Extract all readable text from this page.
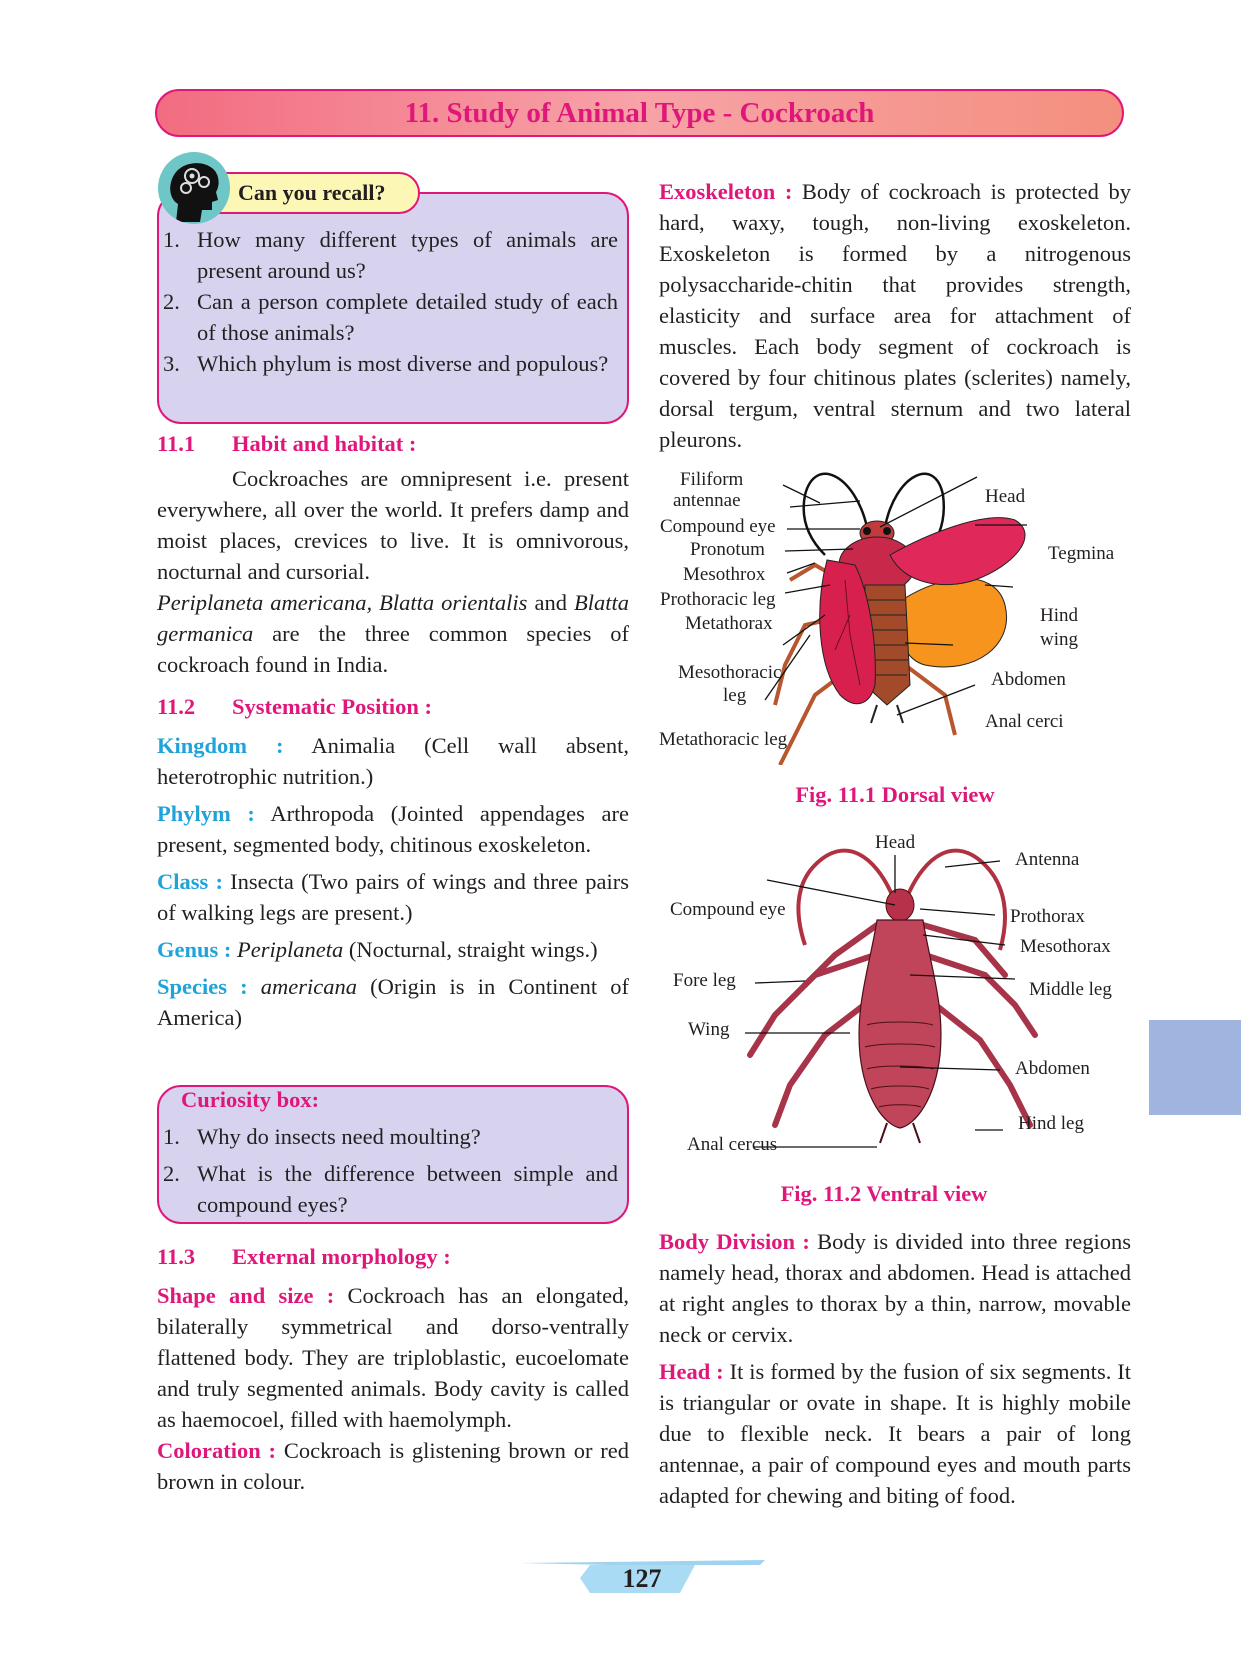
11. Study of Animal Type - Cockroach
Can you recall?
1. How many different types of animals are present around us?
2. Can a person complete detailed study of each of those animals?
3. Which phylum is most diverse and populous?
11.1 Habit and habitat :

Cockroaches are omnipresent i.e. present everywhere, all over the world. It prefers damp and moist places, crevices to live. It is omnivorous, nocturnal and cursorial.

Periplaneta americana, Blatta orientalis and Blatta germanica are the three common species of cockroach found in India.

11.2 Systematic Position :

Kingdom : Animalia (Cell wall absent, heterotrophic nutrition.)

Phylym : Arthropoda (Jointed appendages are present, segmented body, chitinous exoskeleton.

Class : Insecta (Two pairs of wings and three pairs of walking legs are present.)

Genus : Periplaneta (Nocturnal, straight wings.)

Species : americana (Origin is in Continent of America)

Curiosity box:
1. Why do insects need moulting?
2. What is the difference between simple and compound eyes?
11.3 External morphology :

Shape and size : Cockroach has an elongated, bilaterally symmetrical and dorso-ventrally flattened body. They are triploblastic, eucoelomate and truly segmented animals. Body cavity is called as haemocoel, filled with haemolymph.

Coloration : Cockroach is glistening brown or red brown in colour.

Exoskeleton : Body of cockroach is protected by hard, waxy, tough, non-living exoskeleton. Exoskeleton is formed by a nitrogenous polysaccharide-chitin that provides strength, elasticity and surface area for attachment of muscles. Each body segment of cockroach is covered by four chitinous plates (sclerites) namely, dorsal tergum, ventral sternum and two lateral pleurons.

Filiform
antennae
Compound eye
Pronotum
Mesothrox
Prothoracic leg
Metathorax
Mesothoracic
leg
Metathoracic leg
Head
Tegmina
Hind
wing
Abdomen
Anal cerci
Fig. 11.1 Dorsal view
Head
Antenna
Compound eye	Prothorax
Mesothorax
Fore leg	Middle leg
Wing
Abdomen
Hind leg
Anal cercus
Fig. 11.2 Ventral view

Body Division : Body is divided into three regions namely head, thorax and abdomen. Head is attached at right angles to thorax by a thin, narrow, movable neck or cervix.

Head : It is formed by the fusion of six segments. It is triangular or ovate in shape. It is highly mobile due to flexible neck. It bears a pair of long antennae, a pair of compound eyes and mouth parts adapted for chewing and biting of food.

127
